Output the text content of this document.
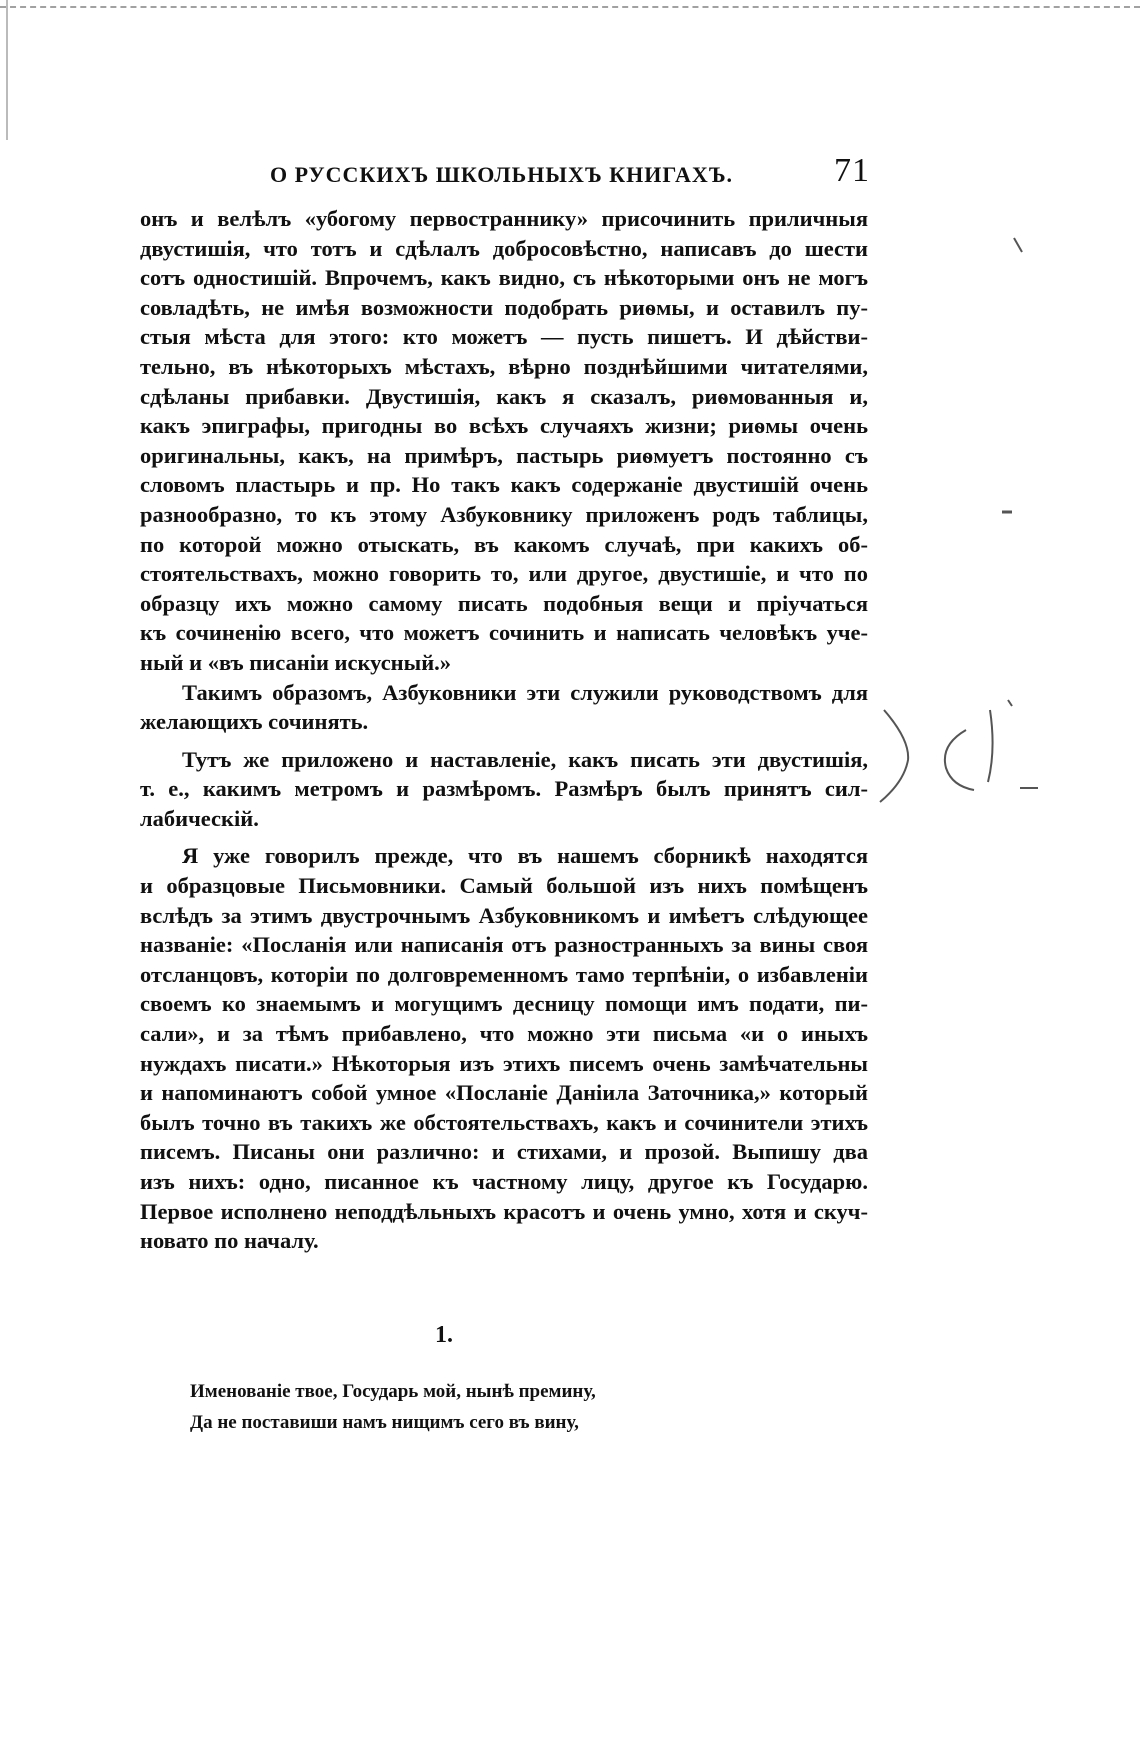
О РУССКИХЪ ШКОЛЬНЫХЪ КНИГАХЪ.	71
онъ и велѣлъ «убогому первостраннику» присочинить приличныя
двустишія, что тотъ и сдѣлалъ добросовѣстно, написавъ до шести
сотъ одностишій. Впрочемъ, какъ видно, съ нѣкоторыми онъ не могъ
совладѣть, не имѣя возможности подобрать риѳмы, и оставилъ пу-
стыя мѣста для этого: кто можетъ — пусть пишетъ. И дѣйстви-
тельно, въ нѣкоторыхъ мѣстахъ, вѣрно позднѣйшими читателями,
сдѣланы прибавки. Двустишія, какъ я сказалъ, риѳмованныя и,
какъ эпиграфы, пригодны во всѣхъ случаяхъ жизни; риѳмы очень
оригинальны, какъ, на примѣръ, пастырь риѳмуетъ постоянно съ
словомъ пластырь и пр. Но такъ какъ содержаніе двустишій очень
разнообразно, то къ этому Азбуковнику приложенъ родъ таблицы,
по которой можно отыскать, въ какомъ случаѣ, при какихъ об-
стоятельствахъ, можно говорить то, или другое, двустишіе, и что по
образцу ихъ можно самому писать подобныя вещи и пріучаться
къ сочиненію всего, что можетъ сочинить и написать человѣкъ уче-
ный и «въ писаніи искусный.»
Такимъ образомъ, Азбуковники эти служили руководствомъ для
желающихъ сочинять.
Тутъ же приложено и наставленіе, какъ писать эти двустишія,
т. е., какимъ метромъ и размѣромъ. Размѣръ былъ принятъ сил-
лабическій.
Я уже говорилъ прежде, что въ нашемъ сборникѣ находятся
и образцовые Письмовники. Самый большой изъ нихъ помѣщенъ
вслѣдъ за этимъ двустрочнымъ Азбуковникомъ и имѣетъ слѣдующее
названіе: «Посланія или написанія отъ разностранныхъ за вины своя
отсланцовъ, которіи по долговременномъ тамо терпѣніи, о избавленіи
своемъ ко знаемымъ и могущимъ десницу помощи имъ подати, пи-
сали», и за тѣмъ прибавлено, что можно эти письма «и о иныхъ
нуждахъ писати.» Нѣкоторыя изъ этихъ писемъ очень замѣчательны
и напоминаютъ собой умное «Посланіе Даніила Заточника,» который
былъ точно въ такихъ же обстоятельствахъ, какъ и сочинители этихъ
писемъ. Писаны они различно: и стихами, и прозой. Выпишу два
изъ нихъ: одно, писанное къ частному лицу, другое къ Государю.
Первое исполнено неподдѣльныхъ красотъ и очень умно, хотя и скуч-
новато по началу.
1.
Именованіе твое, Государь мой, нынѣ премину,
Да не поставиши намъ нищимъ сего въ вину,
